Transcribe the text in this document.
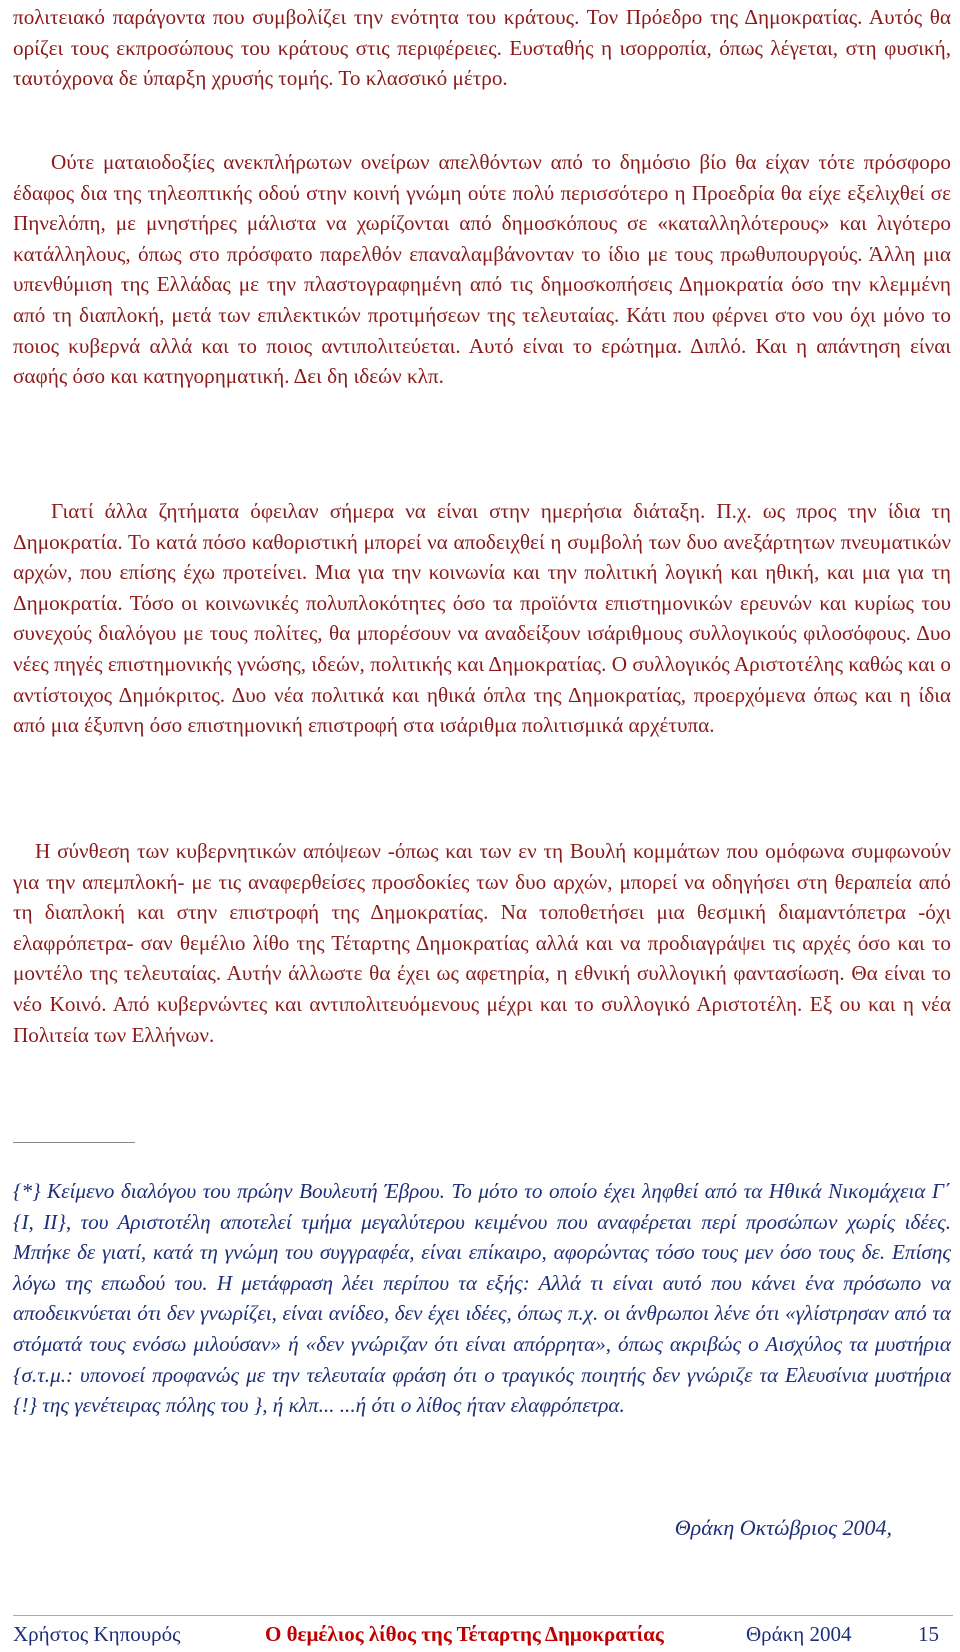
πολιτειακό παράγοντα που συμβολίζει την ενότητα του κράτους. Τον Πρόεδρο της Δημοκρατίας. Αυτός θα ορίζει τους εκπροσώπους του κράτους στις περιφέρειες. Ευσταθής η ισορροπία, όπως λέγεται, στη φυσική, ταυτόχρονα δε ύπαρξη χρυσής τομής. Το κλασσικό μέτρο.

Ούτε ματαιοδοξίες ανεκπλήρωτων ονείρων απελθόντων από το δημόσιο βίο θα είχαν τότε πρόσφορο έδαφος δια της τηλεοπτικής οδού στην κοινή γνώμη ούτε πολύ περισσότερο η Προεδρία θα είχε εξελιχθεί σε Πηνελόπη, με μνηστήρες μάλιστα να χωρίζονται από δημοσκόπους σε «καταλληλότερους» και λιγότερο κατάλληλους, όπως στο πρόσφατο παρελθόν επαναλαμβάνονταν το ίδιο με τους πρωθυπουργούς. Άλλη μια υπενθύμιση της Ελλάδας με την πλαστογραφημένη από τις δημοσκοπήσεις Δημοκρατία όσο την κλεμμένη από τη διαπλοκή, μετά των επιλεκτικών προτιμήσεων της τελευταίας. Κάτι που φέρνει στο νου όχι μόνο το ποιος κυβερνά αλλά και το ποιος αντιπολιτεύεται. Αυτό είναι το ερώτημα. Διπλό. Και η απάντηση είναι σαφής όσο και κατηγορηματική. Δει δη ιδεών κλπ.

Γιατί άλλα ζητήματα όφειλαν σήμερα να είναι στην ημερήσια διάταξη. Π.χ. ως προς την ίδια τη Δημοκρατία. Το κατά πόσο καθοριστική μπορεί να αποδειχθεί η συμβολή των δυο ανεξάρτητων πνευματικών αρχών, που επίσης έχω προτείνει. Μια για την κοινωνία και την πολιτική λογική και ηθική, και μια για τη Δημοκρατία. Τόσο οι κοινωνικές πολυπλοκότητες όσο τα προϊόντα επιστημονικών ερευνών και κυρίως του συνεχούς διαλόγου με τους πολίτες, θα μπορέσουν να αναδείξουν ισάριθμους συλλογικούς φιλοσόφους. Δυο νέες πηγές επιστημονικής γνώσης, ιδεών, πολιτικής και Δημοκρατίας. Ο συλλογικός Αριστοτέλης καθώς και ο αντίστοιχος Δημόκριτος. Δυο νέα πολιτικά και ηθικά όπλα της Δημοκρατίας, προερχόμενα όπως και η ίδια από μια έξυπνη όσο επιστημονική επιστροφή στα ισάριθμα πολιτισμικά αρχέτυπα.

Η σύνθεση των κυβερνητικών απόψεων -όπως και των εν τη Βουλή κομμάτων που ομόφωνα συμφωνούν για την απεμπλοκή- με τις αναφερθείσες προσδοκίες των δυο αρχών, μπορεί να οδηγήσει στη θεραπεία από τη διαπλοκή και στην επιστροφή της Δημοκρατίας. Να τοποθετήσει μια θεσμική διαμαντόπετρα -όχι ελαφρόπετρα- σαν θεμέλιο λίθο της Τέταρτης Δημοκρατίας αλλά και να προδιαγράψει τις αρχές όσο και το μοντέλο της τελευταίας. Αυτήν άλλωστε θα έχει ως αφετηρία, η εθνική συλλογική φαντασίωση. Θα είναι το νέο Κοινό. Από κυβερνώντες και αντιπολιτευόμενους μέχρι και το συλλογικό Αριστοτέλη. Εξ ου και η νέα Πολιτεία των Ελλήνων.

{*} Κείμενο διαλόγου του πρώην Βουλευτή Έβρου. Το μότο το οποίο έχει ληφθεί από τα Ηθικά Νικομάχεια Γ΄ {I, II}, του Αριστοτέλη αποτελεί τμήμα μεγαλύτερου κειμένου που αναφέρεται περί προσώπων χωρίς ιδέες. Μπήκε δε γιατί, κατά τη γνώμη του συγγραφέα, είναι επίκαιρο, αφορώντας τόσο τους μεν όσο τους δε. Επίσης λόγω της επωδού του. Η μετάφραση λέει περίπου τα εξής: Αλλά τι είναι αυτό που κάνει ένα πρόσωπο να αποδεικνύεται ότι δεν γνωρίζει, είναι ανίδεο, δεν έχει ιδέες, όπως π.χ. οι άνθρωποι λένε ότι «γλίστρησαν από τα στόματά τους ενόσω μιλούσαν» ή «δεν γνώριζαν ότι είναι απόρρητα», όπως ακριβώς ο Αισχύλος τα μυστήρια {σ.τ.μ.: υπονοεί προφανώς με την τελευταία φράση ότι ο τραγικός ποιητής δεν γνώριζε τα Ελευσίνια μυστήρια {!} της γενέτειρας πόλης του }, ή κλπ... ...ή ότι ο λίθος ήταν ελαφρόπετρα.

Θράκη Οκτώβριος 2004,
Χρήστος Κηπουρός	Ο θεμέλιος λίθος της Τέταρτης Δημοκρατίας	Θράκη 2004	15
